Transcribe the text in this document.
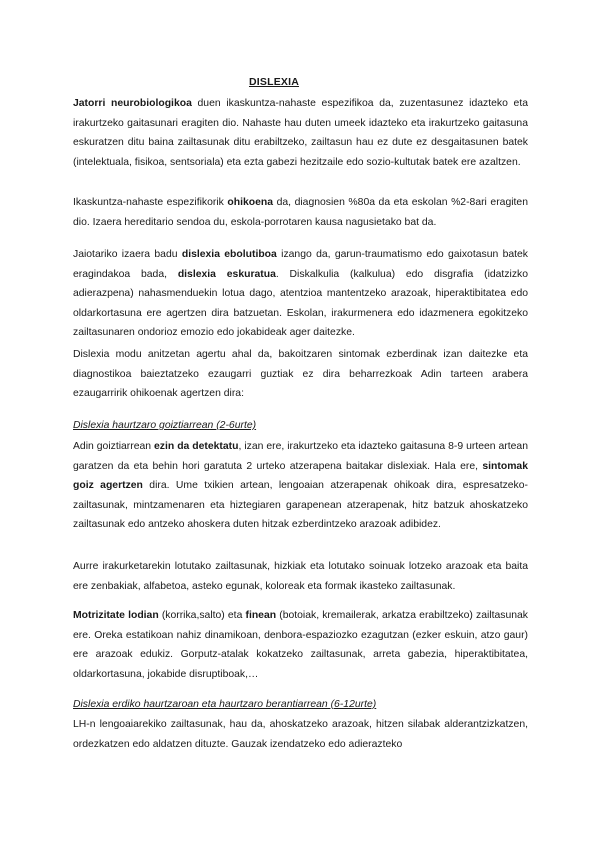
DISLEXIA

Jatorri neurobiologikoa duen ikaskuntza-nahaste espezifikoa da, zuzentasunez idazteko eta irakurtzeko gaitasunari eragiten dio. Nahaste hau duten umeek idazteko eta irakurtzeko gaitasuna eskuratzen ditu baina zailtasunak ditu erabiltzeko, zailtasun hau ez dute ez desgaitasunen batek (intelektuala, fisikoa, sentsoriala) eta ezta gabezi hezitzaile edo sozio-kultutak batek ere azaltzen.

Ikaskuntza-nahaste espezifikorik ohikoena da, diagnosien %80a da eta eskolan %2-8ari eragiten dio. Izaera hereditario sendoa du, eskola-porrotaren kausa nagusietako bat da.

Jaiotariko izaera badu dislexia ebolutiboa izango da, garun-traumatismo edo gaixotasun batek eragindakoa bada, dislexia eskuratua. Diskalkulia (kalkulua) edo disgrafia (idatzizko adierazpena) nahasmenduekin lotua dago, atentzioa mantentzeko arazoak, hiperaktibitatea edo oldarkortasuna ere agertzen dira batzuetan. Eskolan, irakurmenera edo idazmenera egokitzeko zailtasunaren ondorioz emozio edo jokabideak ager daitezke.

Dislexia modu anitzetan agertu ahal da, bakoitzaren sintomak ezberdinak izan daitezke eta diagnostikoa baieztatzeko ezaugarri guztiak ez dira beharrezkoak Adin tarteen arabera ezaugarririk ohikoenak agertzen dira:

Dislexia haurtzaro goiztiarrean (2-6urte)

Adin goiztiarrean ezin da detektatu, izan ere, irakurtzeko eta idazteko gaitasuna 8-9 urteen artean garatzen da eta behin hori garatuta 2 urteko atzerapena baitakar dislexiak. Hala ere, sintomak goiz agertzen dira. Ume txikien artean, lengoaian atzerapenak ohikoak dira, espresatzeko-zailtasunak, mintzamenaren eta hiztegiaren garapenean atzerapenak, hitz batzuk ahoskatzeko zailtasunak edo antzeko ahoskera duten hitzak ezberdintzeko arazoak adibidez.

Aurre irakurketarekin lotutako zailtasunak, hizkiak eta lotutako soinuak lotzeko arazoak eta baita ere zenbakiak, alfabetoa, asteko egunak, koloreak eta formak ikasteko zailtasunak.

Motrizitate lodian (korrika,salto) eta finean (botoiak, kremailerak, arkatza erabiltzeko) zailtasunak ere. Oreka estatikoan nahiz dinamikoan, denbora-espaziozko ezagutzan (ezker eskuin, atzo gaur) ere arazoak edukiz. Gorputz-atalak kokatzeko zailtasunak, arreta gabezia, hiperaktibitatea, oldarkortasuna, jokabide disruptiboak,…

Dislexia erdiko haurtzaroan eta haurtzaro berantiarrean (6-12urte)

LH-n lengoaiarekiko zailtasunak, hau da, ahoskatzeko arazoak, hitzen silabak alderantzizkatzen, ordezkatzen edo aldatzen dituzte. Gauzak izendatzeko edo adierazteko
